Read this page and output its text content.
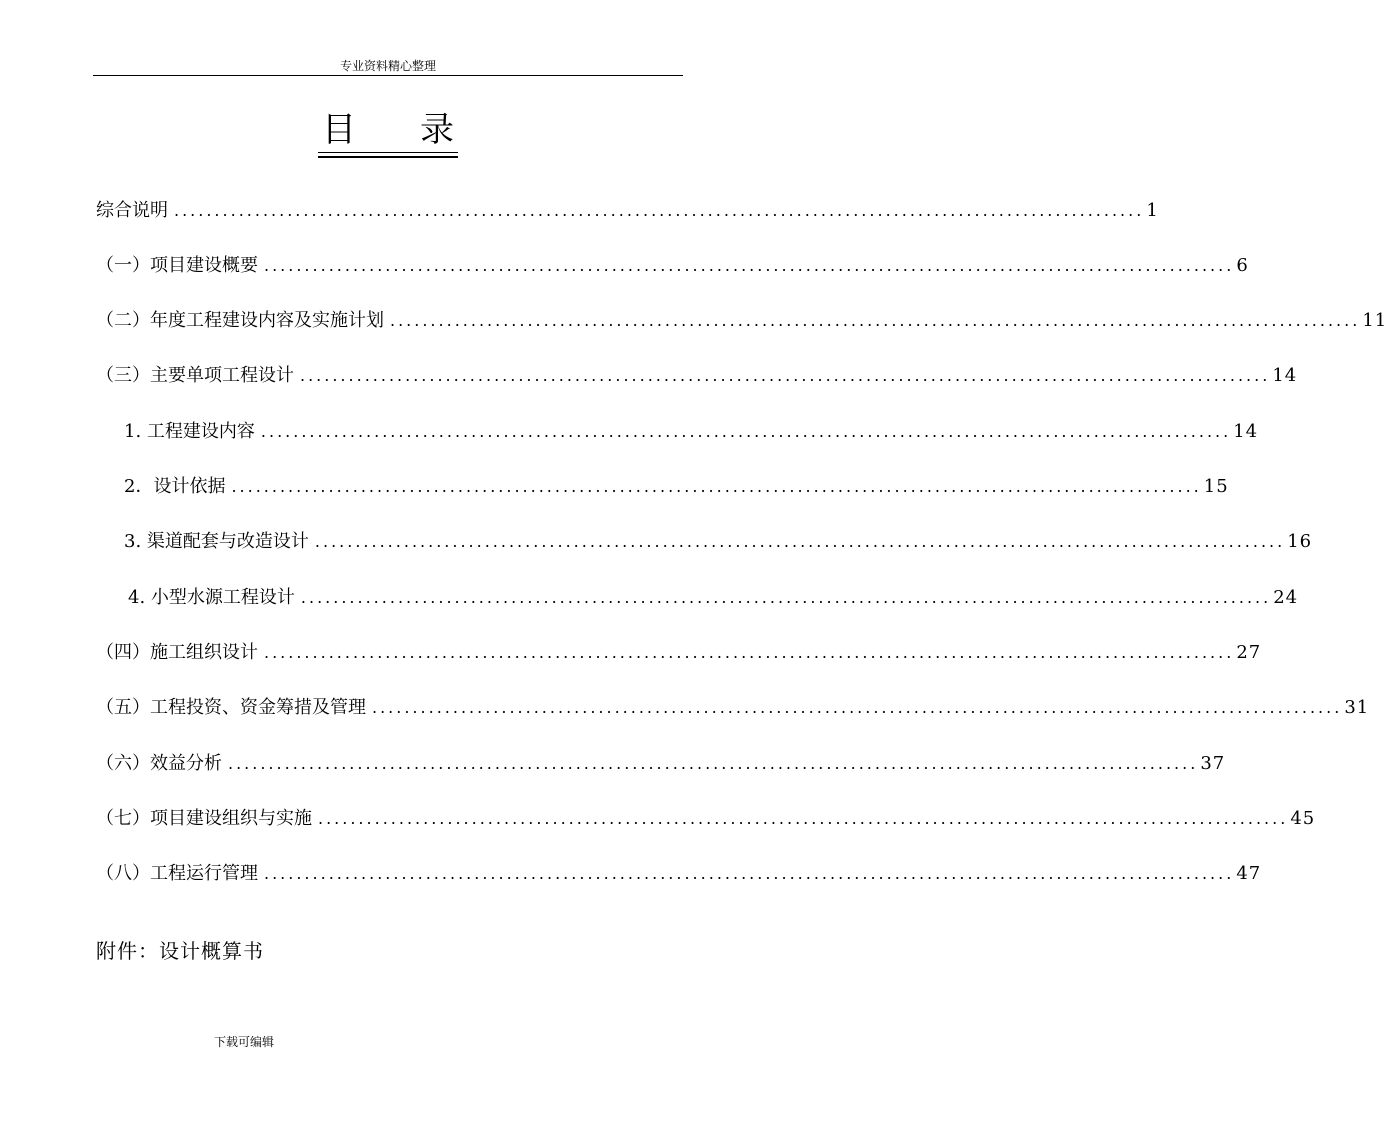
专业资料精心整理
目 录
综合说明 ........................................................................................................................ 1
（一）项目建设概要 ........................................................................................................................ 6
（二）年度工程建设内容及实施计划 ........................................................................................................................ 11
（三）主要单项工程设计 ........................................................................................................................ 14
1. 工程建设内容 ........................................................................................................................ 14
2．设计依据 ........................................................................................................................ 15
3. 渠道配套与改造设计 ........................................................................................................................ 16
4. 小型水源工程设计 ........................................................................................................................ 24
（四）施工组织设计 ........................................................................................................................ 27
（五）工程投资、资金筹措及管理 ........................................................................................................................ 31
（六）效益分析 ........................................................................................................................ 37
（七）项目建设组织与实施 ........................................................................................................................ 45
（八）工程运行管理 ........................................................................................................................ 47
附件：设计概算书
下载可编辑
